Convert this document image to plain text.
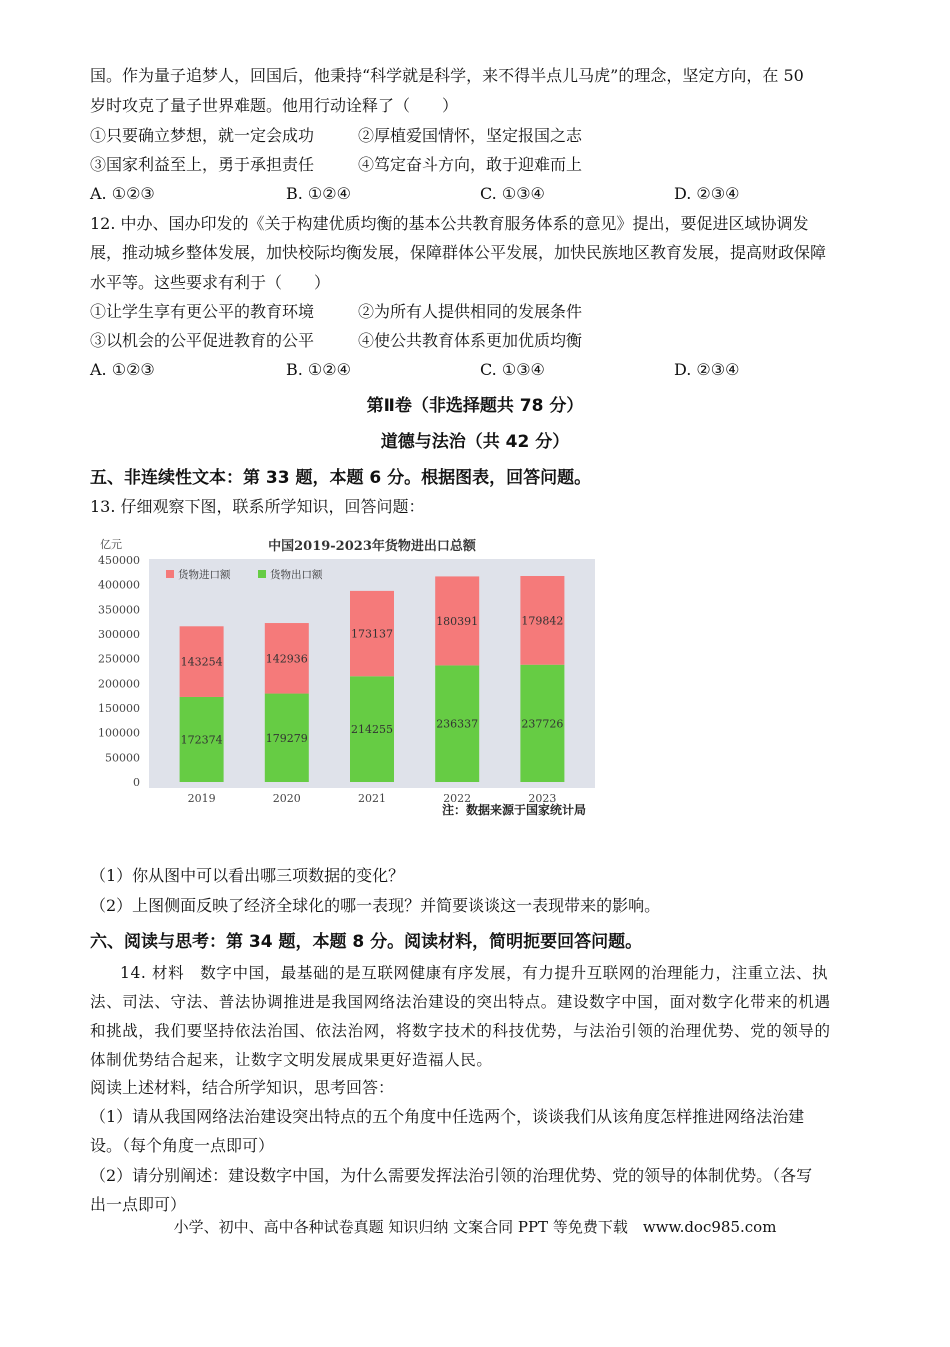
国。作为量子追梦人，回国后，他秉持“科学就是科学，来不得半点儿马虎”的理念，坚定方向，在 50
岁时攻克了量子世界难题。他用行动诠释了（　　）
①只要确立梦想，就一定会成功	②厚植爱国情怀，坚定报国之志
③国家利益至上，勇于承担责任	④笃定奋斗方向，敢于迎难而上
A. ①②③	B. ①②④	C. ①③④	D. ②③④
12. 中办、国办印发的《关于构建优质均衡的基本公共教育服务体系的意见》提出，要促进区域协调发
展，推动城乡整体发展，加快校际均衡发展，保障群体公平发展，加快民族地区教育发展，提高财政保障
水平等。这些要求有利于（　　）
①让学生享有更公平的教育环境	②为所有人提供相同的发展条件
③以机会的公平促进教育的公平	④使公共教育体系更加优质均衡
A. ①②③	B. ①②④	C. ①③④	D. ②③④
第Ⅱ卷（非选择题共 78 分）
道德与法治（共 42 分）
五、非连续性文本：第 33 题，本题 6 分。根据图表，回答问题。
13. 仔细观察下图，联系所学知识，回答问题：
中国2019-2023年货物进出口总额
亿元
0
50000
100000
150000
200000
250000
300000
350000
400000
450000
172374
143254
179279
142936
214255
173137
236337
180391
237726
179842
2019	2020	2021	2022	2023
货物进口额	货物出口额
注：数据来源于国家统计局
（1）你从图中可以看出哪三项数据的变化？
（2）上图侧面反映了经济全球化的哪一表现？并简要谈谈这一表现带来的影响。
六、阅读与思考：第 34 题，本题 8 分。阅读材料，简明扼要回答问题。
14. 材料　数字中国，最基础的是互联网健康有序发展，有力提升互联网的治理能力，注重立法、执
法、司法、守法、普法协调推进是我国网络法治建设的突出特点。建设数字中国，面对数字化带来的机遇
和挑战，我们要坚持依法治国、依法治网，将数字技术的科技优势，与法治引领的治理优势、党的领导的
体制优势结合起来，让数字文明发展成果更好造福人民。
阅读上述材料，结合所学知识，思考回答：
（1）请从我国网络法治建设突出特点的五个角度中任选两个，谈谈我们从该角度怎样推进网络法治建
设。（每个角度一点即可）
（2）请分别阐述：建设数字中国，为什么需要发挥法治引领的治理优势、党的领导的体制优势。（各写
出一点即可）
小学、初中、高中各种试卷真题 知识归纳 文案合同 PPT 等免费下载　www.doc985.com
